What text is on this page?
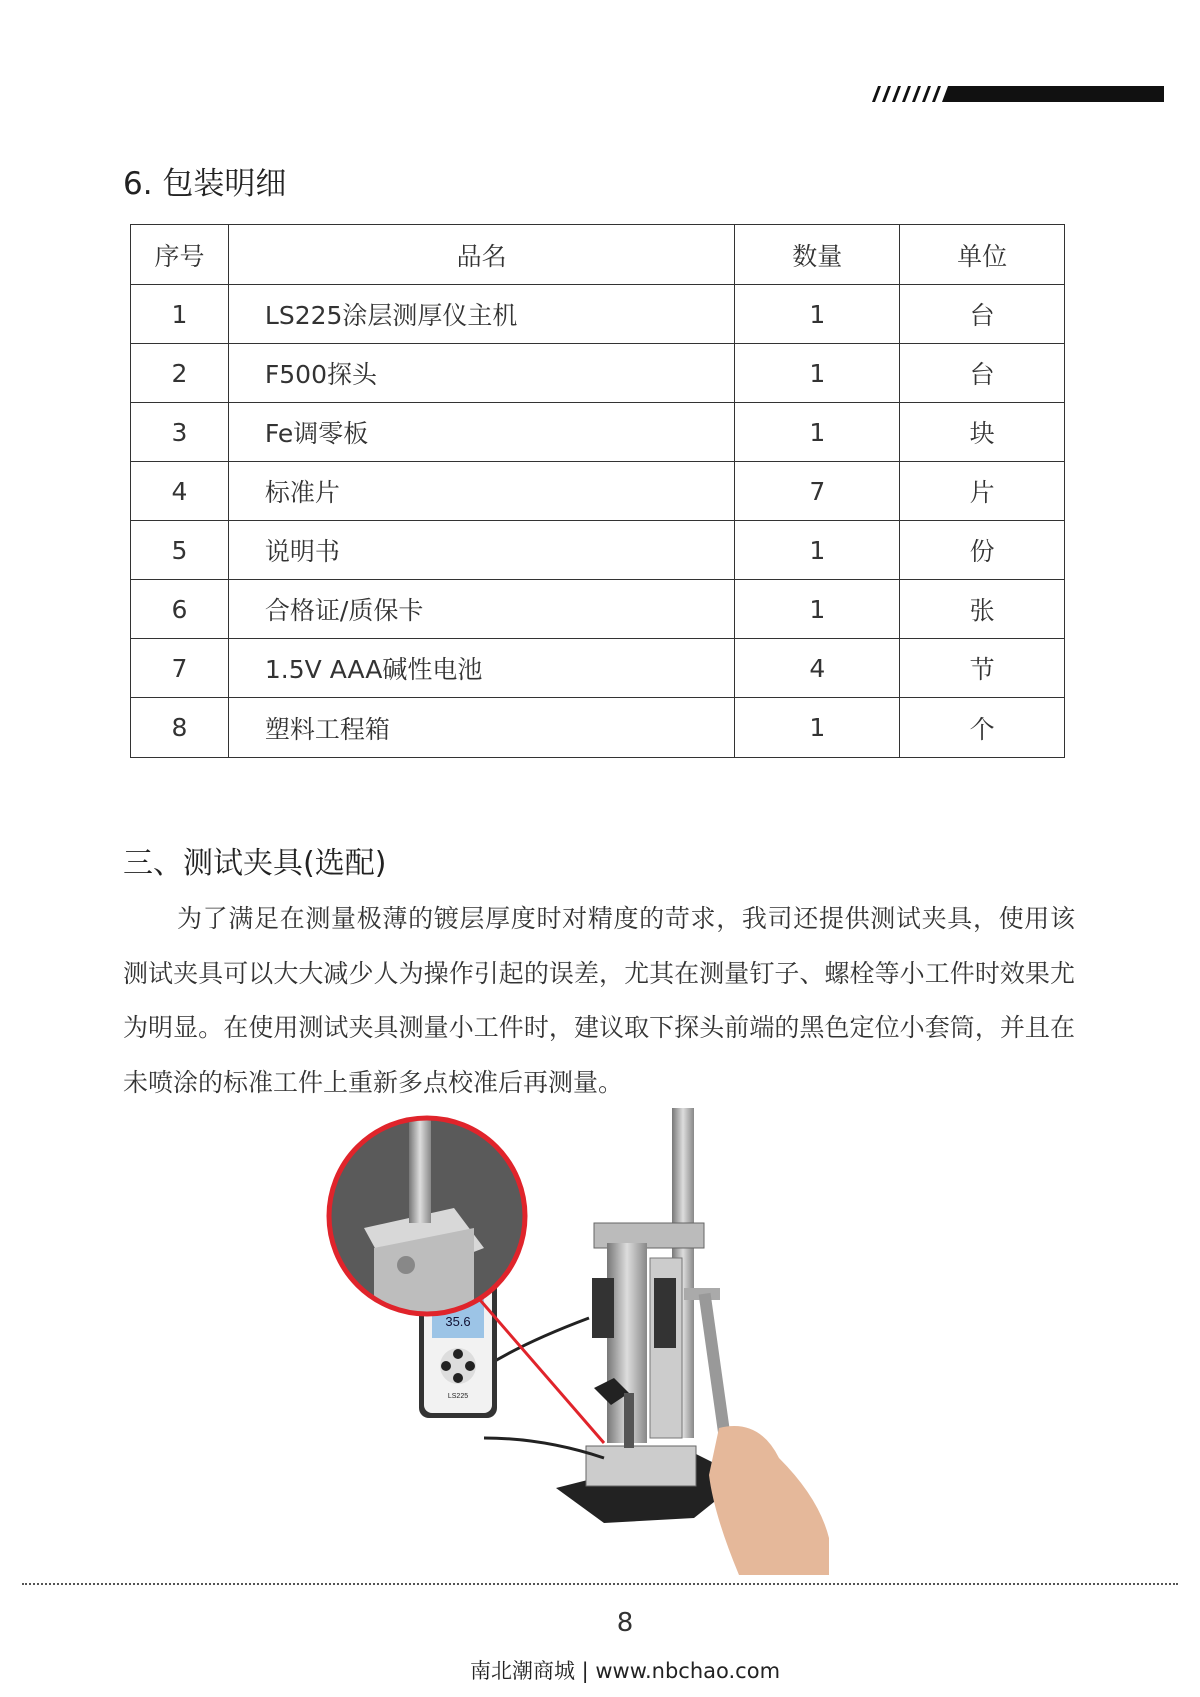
6. 包装明细
序号	品名	数量	单位
1	LS225涂层测厚仪主机	1	台
2	F500探头	1	台
3	Fe调零板	1	块
4	标准片	7	片
5	说明书	1	份
6	合格证/质保卡	1	张
7	1.5V AAA碱性电池	4	节
8	塑料工程箱	1	个
三、测试夹具(选配)
为了满足在测量极薄的镀层厚度时对精度的苛求，我司还提供测试夹具，使用该测试夹具可以大大减少人为操作引起的误差，尤其在测量钉子、螺栓等小工件时效果尤为明显。在使用测试夹具测量小工件时，建议取下探头前端的黑色定位小套筒，并且在未喷涂的标准工件上重新多点校准后再测量。
35.6
LS225
8
南北潮商城 | www.nbchao.com
